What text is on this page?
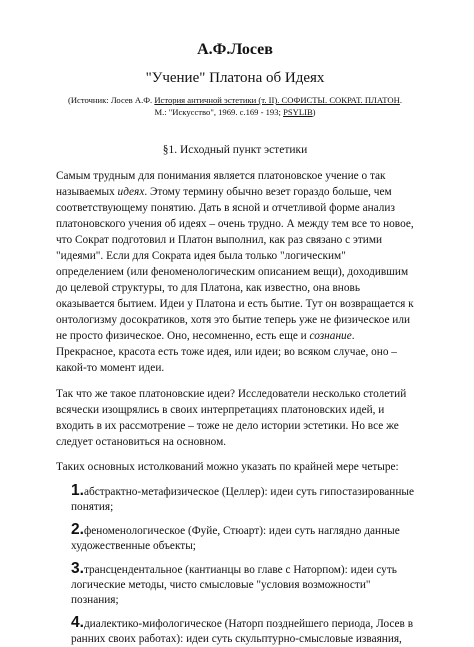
А.Ф.Лосев
"Учение" Платона об Идеях

(Источник: Лосев А.Ф. История античной эстетики (т. II). СОФИСТЫ. СОКРАТ. ПЛАТОН. М.: "Искусство", 1969. с.169 - 193; PSYLIB)

§1. Исходный пункт эстетики

Самым трудным для понимания является платоновское учение о так называемых идеях. Этому термину обычно везет гораздо больше, чем соответствующему понятию. Дать в ясной и отчетливой форме анализ платоновского учения об идеях – очень трудно. А между тем все то новое, что Сократ подготовил и Платон выполнил, как раз связано с этими "идеями". Если для Сократа идея была только "логическим" определением (или феноменологическим описанием вещи), доходившим до целевой структуры, то для Платона, как известно, она вновь оказывается бытием. Идеи у Платона и есть бытие. Тут он возвращается к онтологизму досократиков, хотя это бытие теперь уже не физическое или не просто физическое. Оно, несомненно, есть еще и сознание. Прекрасное, красота есть тоже идея, или идеи; во всяком случае, оно – какой-то момент идеи.

Так что же такое платоновские идеи? Исследователи несколько столетий всячески изощрялись в своих интерпретациях платоновских идей, и входить в их рассмотрение – тоже не дело истории эстетики. Но все же следует остановиться на основном.

Таких основных истолкований можно указать по крайней мере четыре:

1.абстрактно-метафизическое (Целлер): идеи суть гипостазированные понятия;
2.феноменологическое (Фуйе, Стюарт): идеи суть наглядно данные художественные объекты;
3.трансцендентальное (кантианцы во главе с Наторпом): идеи суть логические методы, чисто смысловые "условия возможности" познания;
4.диалектико-мифологическое (Наторп позднейшего периода, Лосев в ранних своих работах): идеи суть скульптурно-смысловые изваяния,
